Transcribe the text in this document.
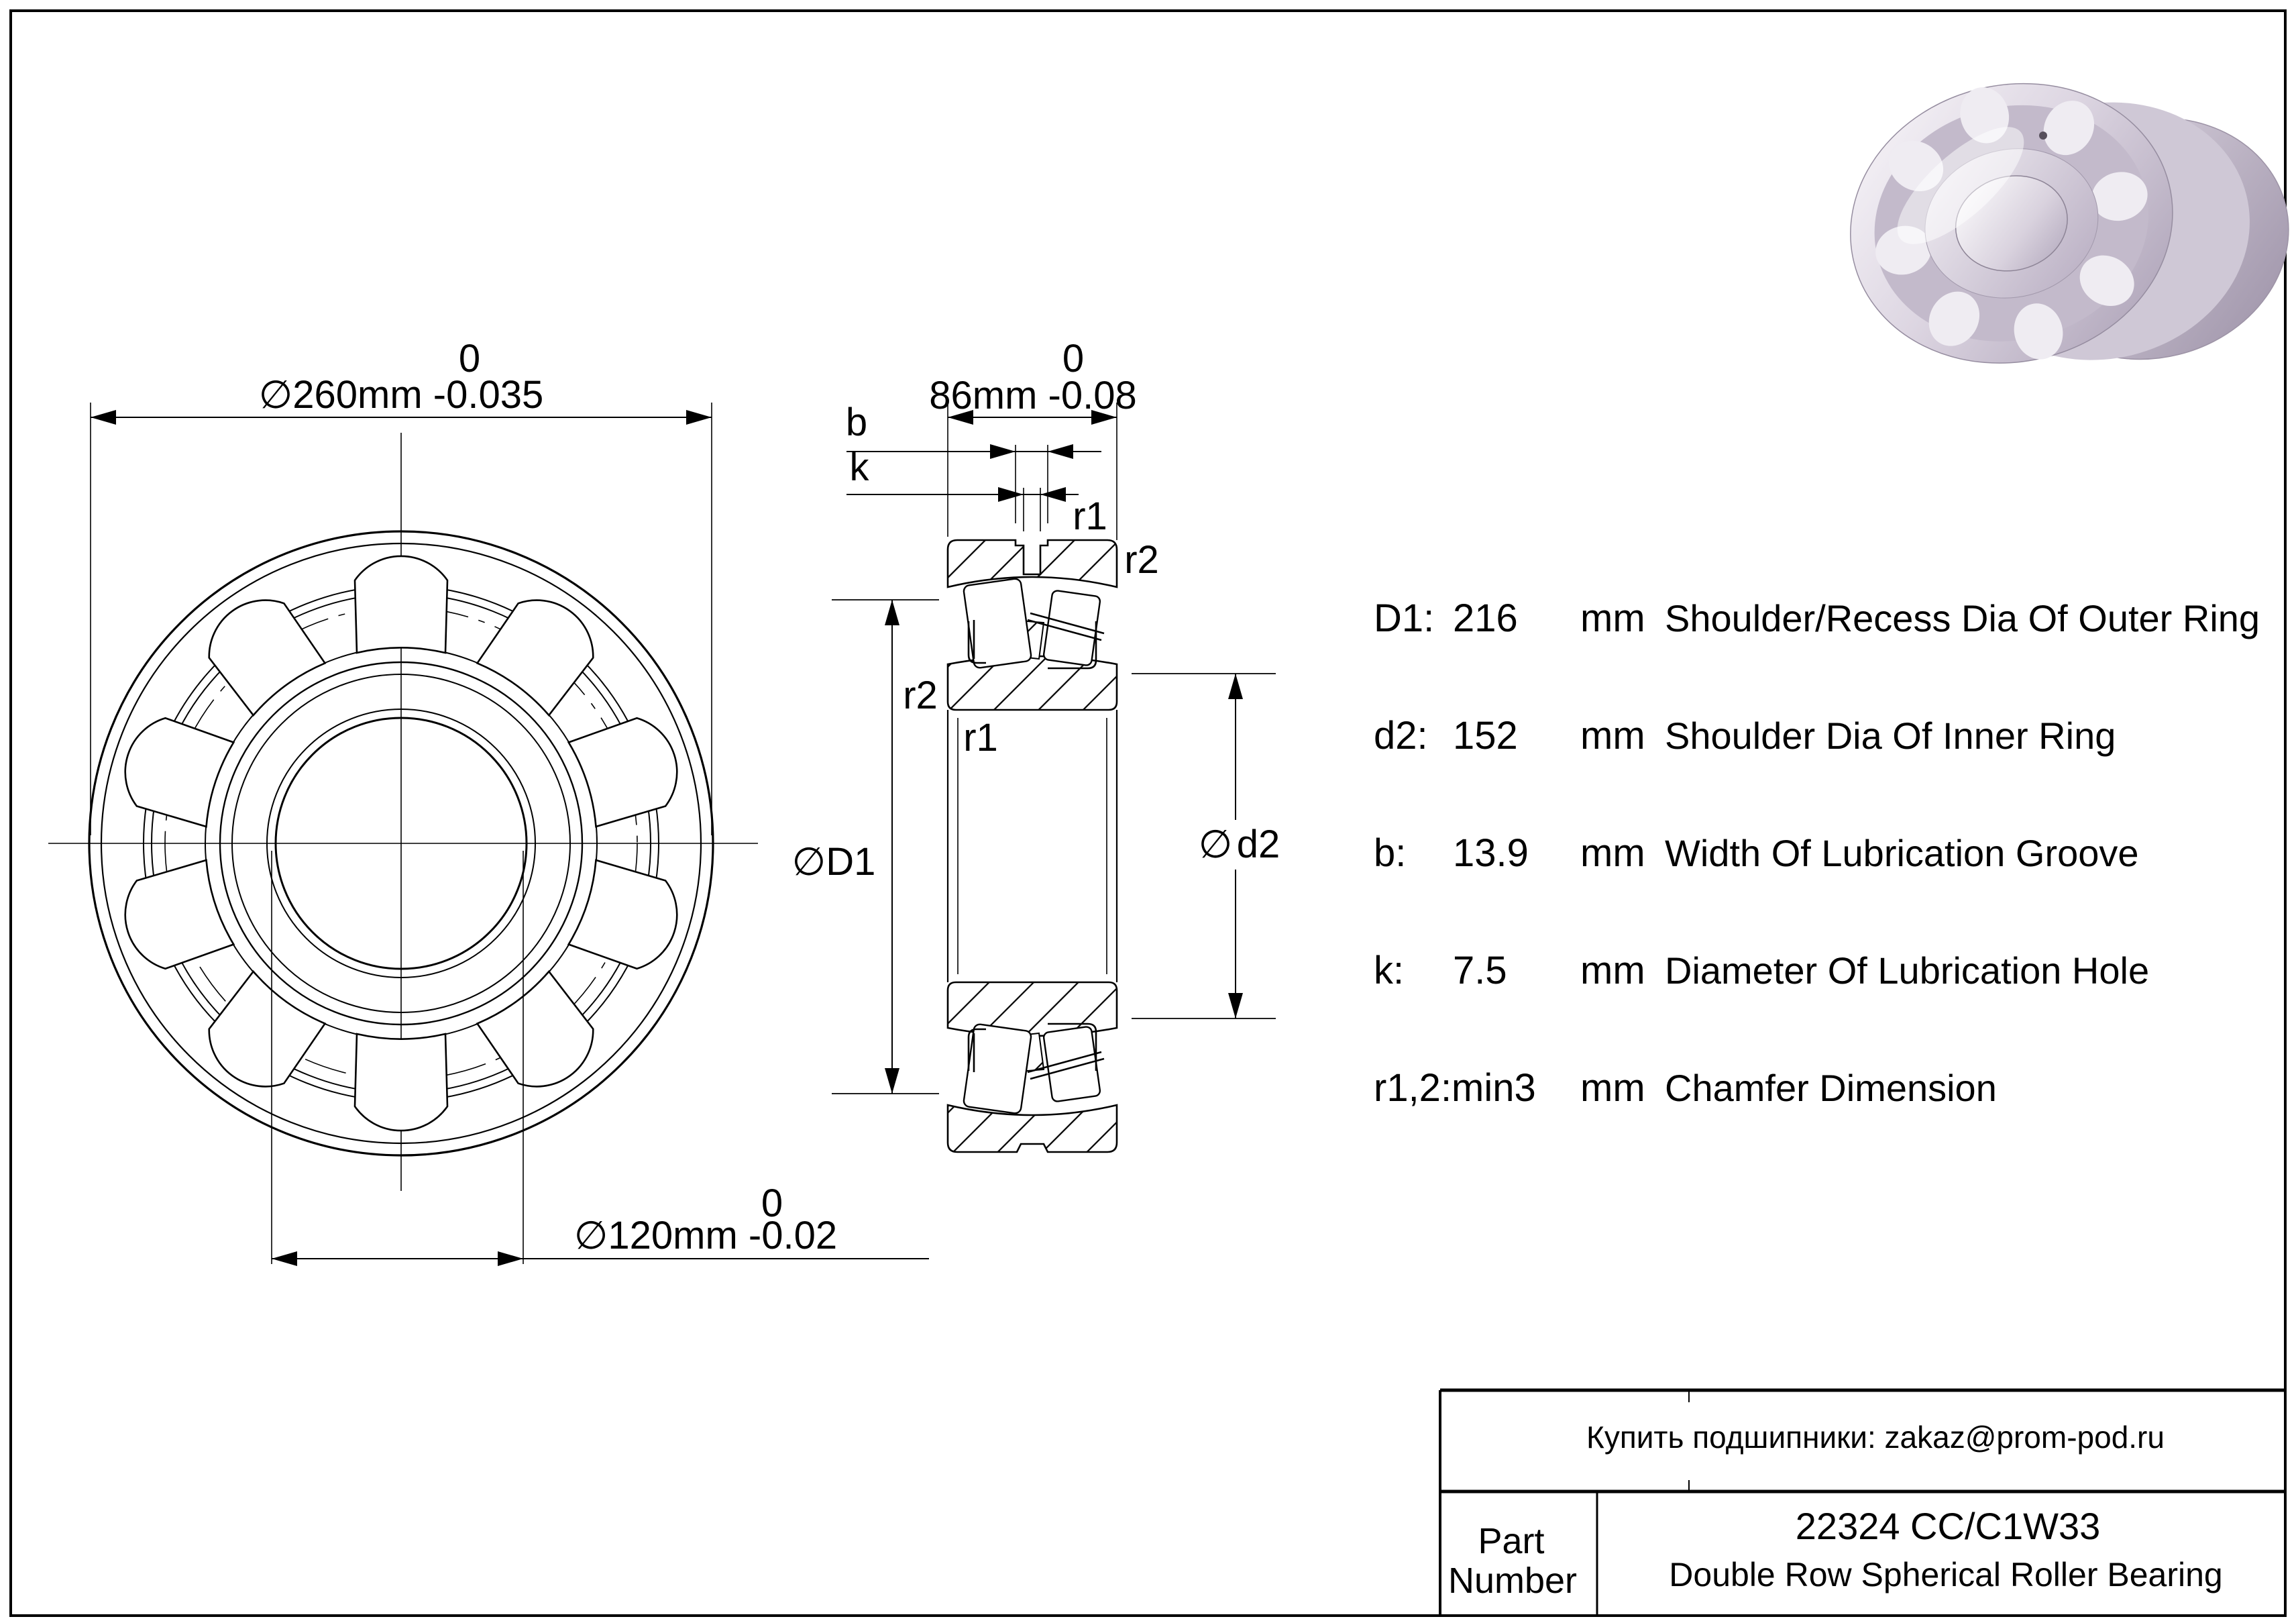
0
∅260mm -0.035
0
86mm -0.08
b
k
r1
r2
r2
r1
∅D1	∅ d2
0
∅120mm -0.02
D1: 216 mm Shoulder/Recess Dia Of Outer Ring
d2: 152 mm Shoulder Dia Of Inner Ring
b: 13.9 mm Width Of Lubrication Groove
k: 7.5 mm Diameter Of Lubrication Hole
r1,2:min3 mm Chamfer Dimension
Купить подшипники: zakaz@prom-pod.ru
Part
Number
22324 CC/C1W33
Double Row Spherical Roller Bearing
